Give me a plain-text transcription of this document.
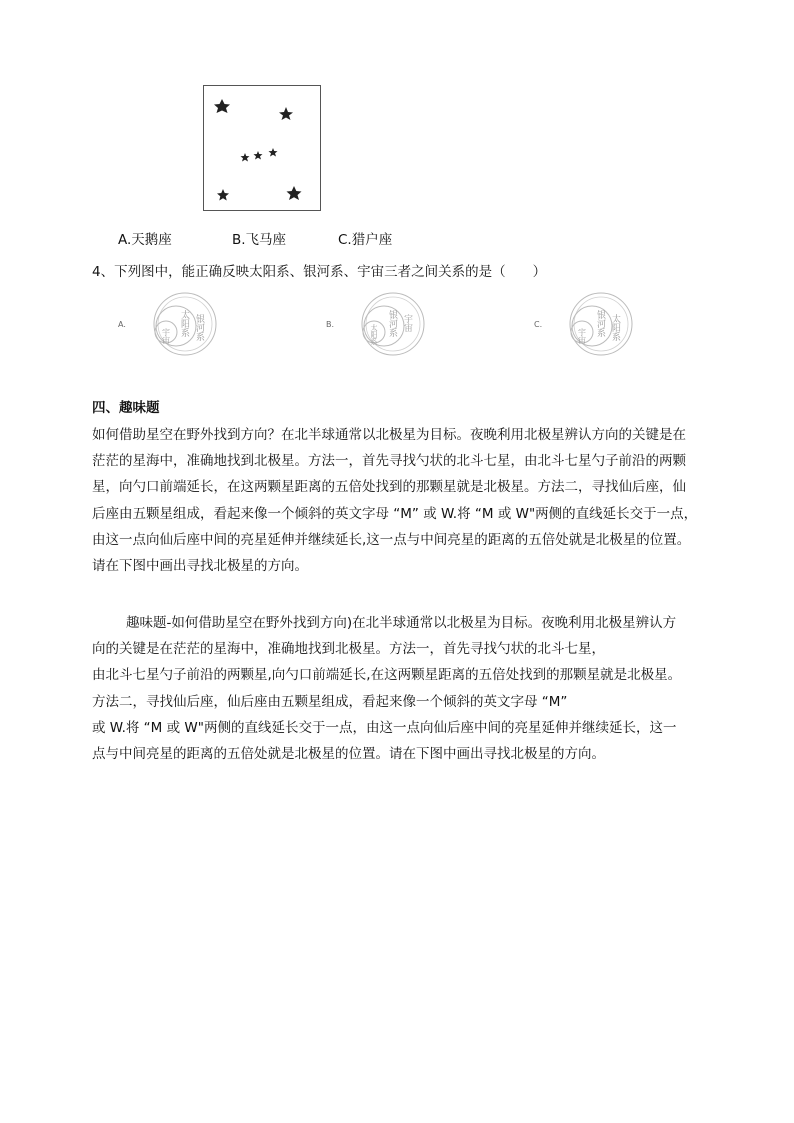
A.天鹅座	B.飞马座	C.猎户座
4、下列图中，能正确反映太阳系、银河系、宇宙三者之间关系的是（　　）
A.	银河系
太阳系
宇宙
B.	宇宙
银河系
太阳系	C.	太阳系
银河系
宇宙
四、趣味题
如何借助星空在野外找到方向？在北半球通常以北极星为目标。夜晚利用北极星辨认方向的关键是在
茫茫的星海中，准确地找到北极星。方法一，首先寻找勺状的北斗七星，由北斗七星勺子前沿的两颗
星，向勺口前端延长，在这两颗星距离的五倍处找到的那颗星就是北极星。方法二，寻找仙后座，仙
后座由五颗星组成，看起来像一个倾斜的英文字母 “M” 或 W.将 “M 或 W"两侧的直线延长交于一点，
由这一点向仙后座中间的亮星延伸并继续延长,这一点与中间亮星的距离的五倍处就是北极星的位置。
请在下图中画出寻找北极星的方向。
趣味题-如何借助星空在野外找到方向)在北半球通常以北极星为目标。夜晚利用北极星辨认方
向的关键是在茫茫的星海中，准确地找到北极星。方法一，首先寻找勺状的北斗七星，
由北斗七星勺子前沿的两颗星,向勺口前端延长,在这两颗星距离的五倍处找到的那颗星就是北极星。
方法二，寻找仙后座，仙后座由五颗星组成，看起来像一个倾斜的英文字母 “M”
或 W.将 “M 或 W"两侧的直线延长交于一点，由这一点向仙后座中间的亮星延伸并继续延长，这一
点与中间亮星的距离的五倍处就是北极星的位置。请在下图中画出寻找北极星的方向。
